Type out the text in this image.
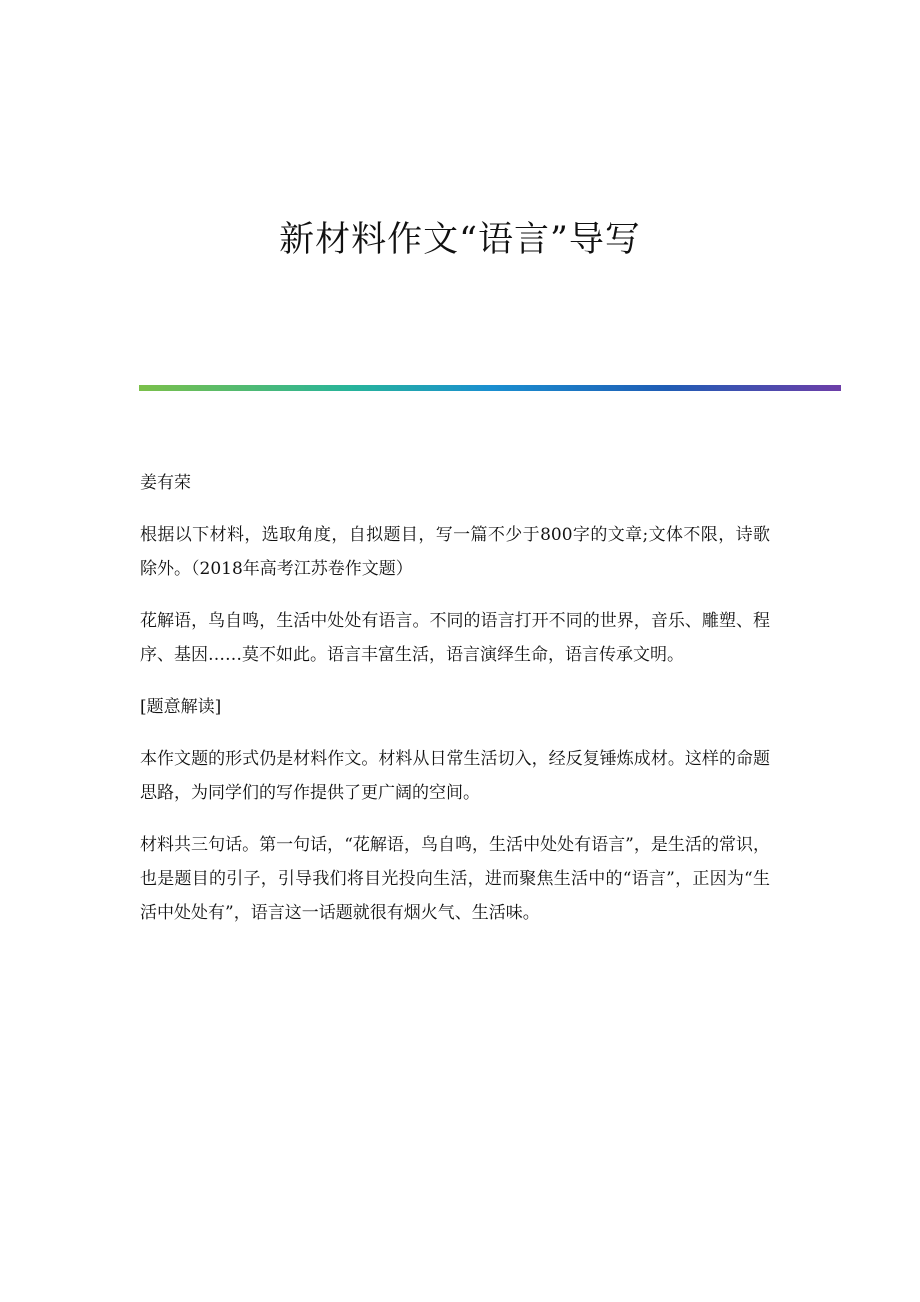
新材料作文“语言”导写

姜有荣

根据以下材料，选取角度，自拟题目，写一篇不少于800字的文章;文体不限，诗歌除外。（2018年高考江苏卷作文题）

花解语，鸟自鸣，生活中处处有语言。不同的语言打开不同的世界，音乐、雕塑、程序、基因……莫不如此。语言丰富生活，语言演绎生命，语言传承文明。

[题意解读]

本作文题的形式仍是材料作文。材料从日常生活切入，经反复锤炼成材。这样的命题思路，为同学们的写作提供了更广阔的空间。

材料共三句话。第一句话，“花解语，鸟自鸣，生活中处处有语言”，是生活的常识，也是题目的引子，引导我们将目光投向生活，进而聚焦生活中的“语言”，正因为“生活中处处有”，语言这一话题就很有烟火气、生活味。
